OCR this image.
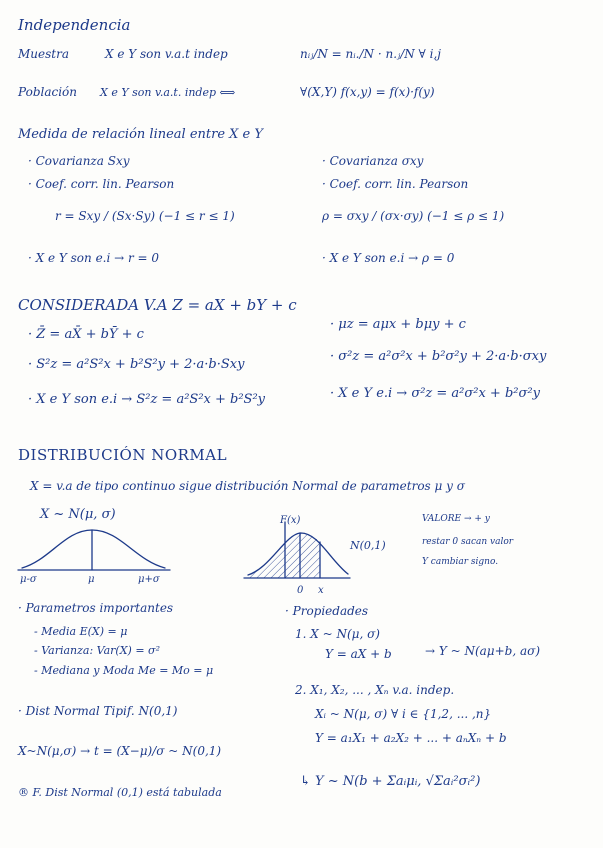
Independencia
Muestra	X e Y son v.a.t indep	nᵢⱼ/N = nᵢ./N · n.ⱼ/N ∀ i,j
Población X e Y son v.a.t. indep ⟺	∀(X,Y) f(x,y) = f(x)·f(y)
Medida de relación lineal entre X e Y
· Covarianza Sxy
· Coef. corr. lin. Pearson
r = Sxy / (Sx·Sy) (−1 ≤ r ≤ 1)
· X e Y son e.i → r = 0
· Covarianza σxy
· Coef. corr. lin. Pearson
ρ = σxy / (σx·σy) (−1 ≤ ρ ≤ 1)
· X e Y son e.i → ρ = 0
CONSIDERADA V.A Z = aX + bY + c
· Z̄ = aX̄ + bȲ + c
· S²z = a²S²x + b²S²y + 2·a·b·Sxy
· X e Y son e.i → S²z = a²S²x + b²S²y
· μz = aμx + bμy + c
· σ²z = a²σ²x + b²σ²y + 2·a·b·σxy
· X e Y e.i → σ²z = a²σ²x + b²σ²y
DISTRIBUCIÓN NORMAL
X = v.a de tipo continuo sigue distribución Normal de parametros μ y σ
X ~ N(μ, σ)
μ-σ	μ	μ+σ
F(x)
N(0,1)
0 x
VALORE → + y
restar 0 sacan valor
Y cambiar signo.
· Parametros importantes
- Media E(X) = μ
- Varianza: Var(X) = σ²
- Mediana y Moda Me = Mo = μ
· Dist Normal Tipif. N(0,1)
X~N(μ,σ) → t = (X−μ)/σ ~ N(0,1)
® F. Dist Normal (0,1) está tabulada
· Propiedades
1. X ~ N(μ, σ)
Y = aX + b	→ Y ~ N(aμ+b, aσ)
2. X₁, X₂, ... , Xₙ v.a. indep.
Xᵢ ~ N(μ, σ) ∀ i ∈ {1,2, ... ,n}
Y = a₁X₁ + a₂X₂ + ... + aₙXₙ + b
↳ Y ~ N(b + Σaᵢμᵢ, √Σaᵢ²σᵢ²)
